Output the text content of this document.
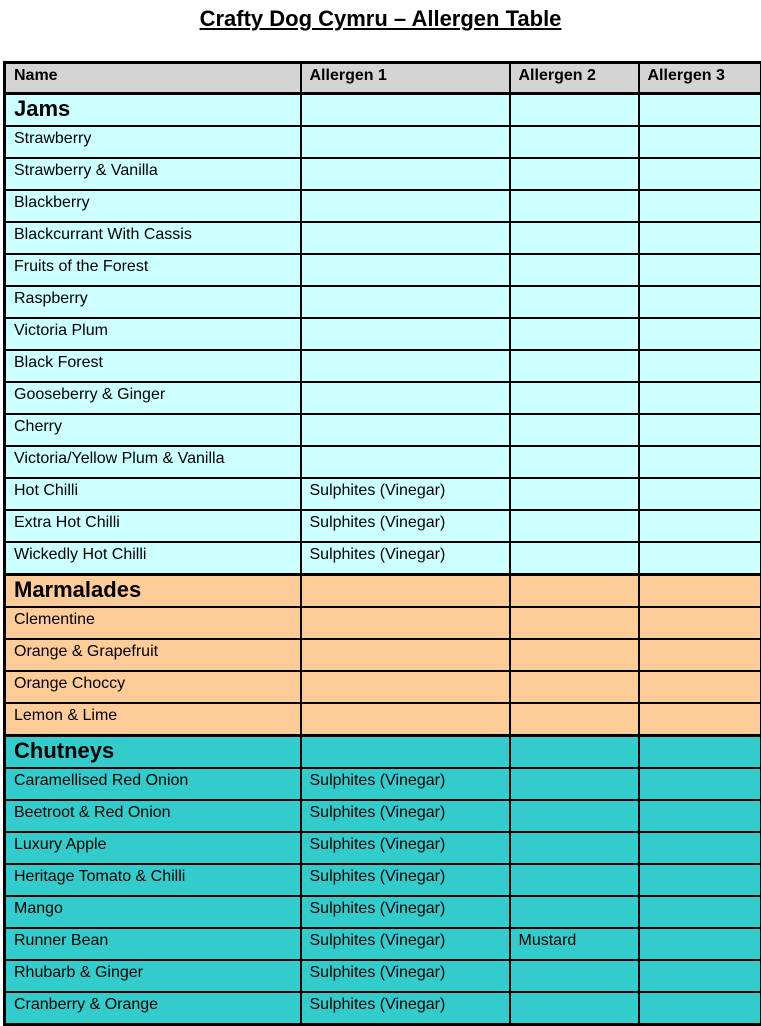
Crafty Dog Cymru – Allergen Table
Name	Allergen 1	Allergen 2	Allergen 3
Jams			
Strawberry			
Strawberry & Vanilla			
Blackberry			
Blackcurrant With Cassis			
Fruits of the Forest			
Raspberry			
Victoria Plum			
Black Forest			
Gooseberry & Ginger			
Cherry			
Victoria/Yellow Plum & Vanilla			
Hot Chilli	Sulphites (Vinegar)		
Extra Hot Chilli	Sulphites (Vinegar)		
Wickedly Hot Chilli	Sulphites (Vinegar)		
Marmalades			
Clementine			
Orange & Grapefruit			
Orange Choccy			
Lemon & Lime			
Chutneys			
Caramellised Red Onion	Sulphites (Vinegar)		
Beetroot & Red Onion	Sulphites (Vinegar)		
Luxury Apple	Sulphites (Vinegar)		
Heritage Tomato & Chilli	Sulphites (Vinegar)		
Mango	Sulphites (Vinegar)		
Runner Bean	Sulphites (Vinegar)	Mustard	
Rhubarb & Ginger	Sulphites (Vinegar)		
Cranberry & Orange	Sulphites (Vinegar)		
